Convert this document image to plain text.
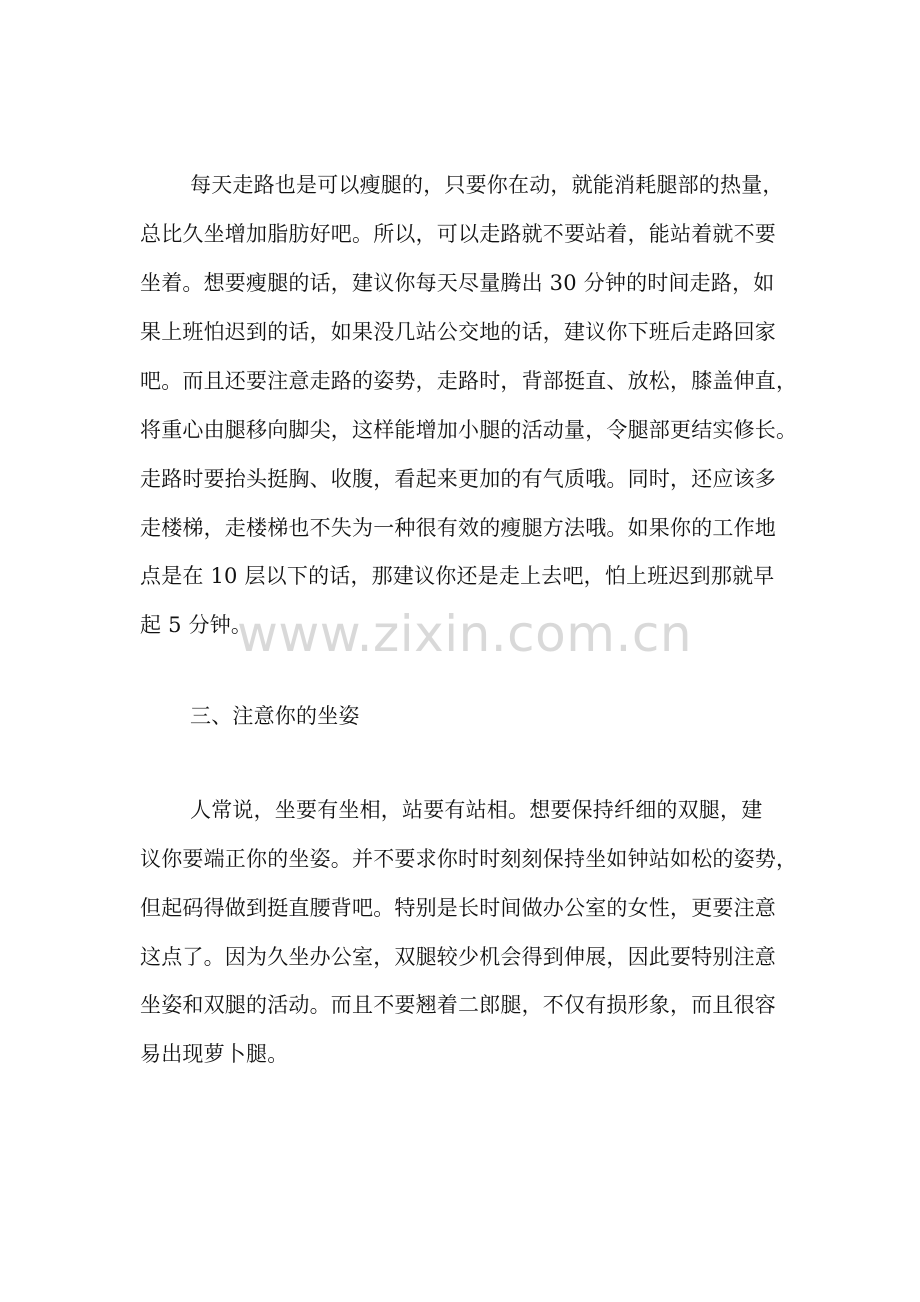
每天走路也是可以瘦腿的，只要你在动，就能消耗腿部的热量，
总比久坐增加脂肪好吧。所以，可以走路就不要站着，能站着就不要
坐着。想要瘦腿的话，建议你每天尽量腾出 30 分钟的时间走路，如
果上班怕迟到的话，如果没几站公交地的话，建议你下班后走路回家
吧。而且还要注意走路的姿势，走路时，背部挺直、放松，膝盖伸直，
将重心由腿移向脚尖，这样能增加小腿的活动量，令腿部更结实修长。
走路时要抬头挺胸、收腹，看起来更加的有气质哦。同时，还应该多
走楼梯，走楼梯也不失为一种很有效的瘦腿方法哦。如果你的工作地
点是在 10 层以下的话，那建议你还是走上去吧，怕上班迟到那就早
起 5 分钟。
三、注意你的坐姿
人常说，坐要有坐相，站要有站相。想要保持纤细的双腿，建
议你要端正你的坐姿。并不要求你时时刻刻保持坐如钟站如松的姿势，
但起码得做到挺直腰背吧。特别是长时间做办公室的女性，更要注意
这点了。因为久坐办公室，双腿较少机会得到伸展，因此要特别注意
坐姿和双腿的活动。而且不要翘着二郎腿，不仅有损形象，而且很容
易出现萝卜腿。
www.zixin.com.cn
